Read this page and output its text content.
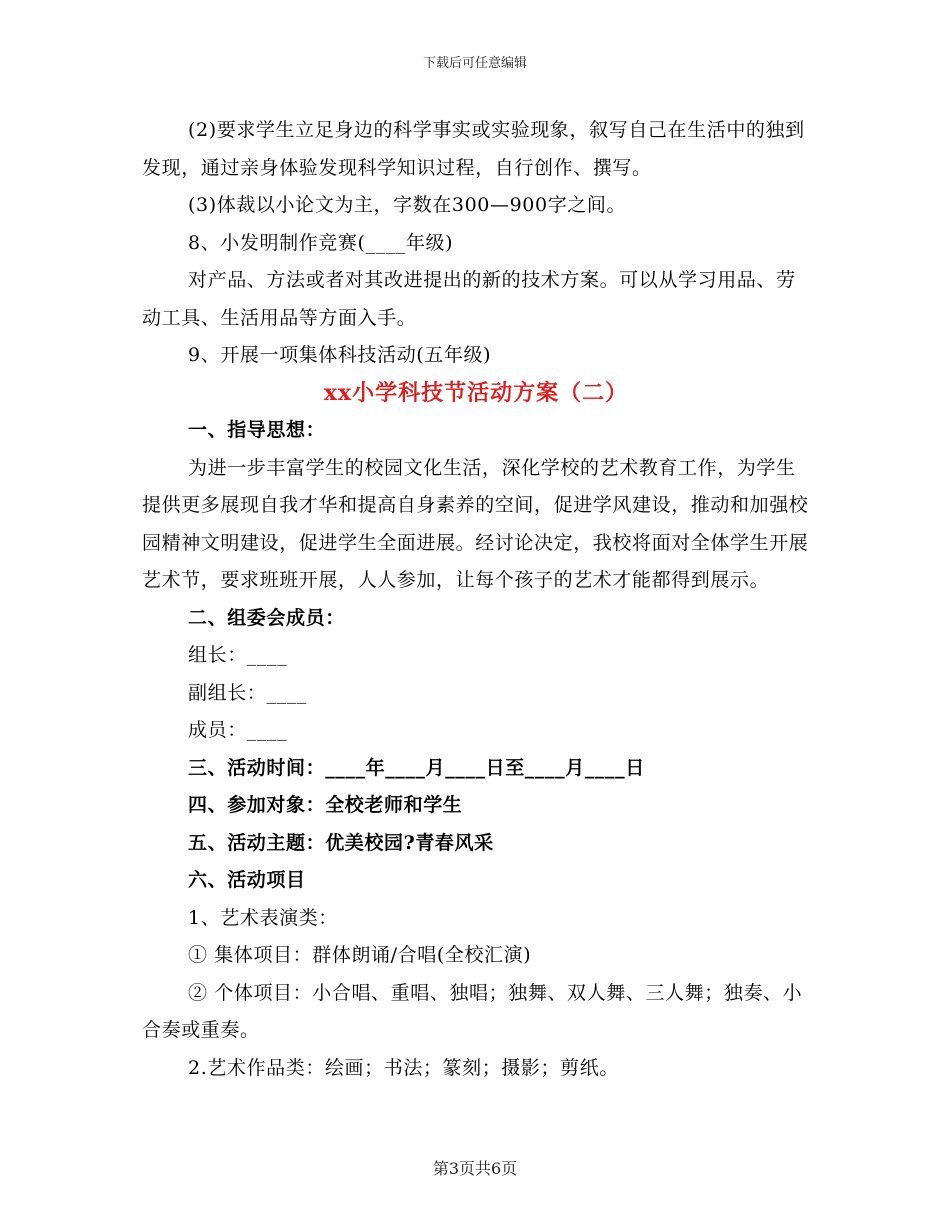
下载后可任意编辑

(2)要求学生立足身边的科学事实或实验现象，叙写自己在生活中的独到发现，通过亲身体验发现科学知识过程，自行创作、撰写。

(3)体裁以小论文为主，字数在300—900字之间。

8、小发明制作竞赛(____年级)

对产品、方法或者对其改进提出的新的技术方案。可以从学习用品、劳动工具、生活用品等方面入手。

9、开展一项集体科技活动(五年级)

xx小学科技节活动方案（二）

一、指导思想：

为进一步丰富学生的校园文化生活，深化学校的艺术教育工作，为学生提供更多展现自我才华和提高自身素养的空间，促进学风建设，推动和加强校园精神文明建设，促进学生全面进展。经讨论决定，我校将面对全体学生开展艺术节，要求班班开展，人人参加，让每个孩子的艺术才能都得到展示。

二、组委会成员：

组长：____

副组长：____

成员：____

三、活动时间：____年____月____日至____月____日

四、参加对象：全校老师和学生

五、活动主题：优美校园?青春风采

六、活动项目

1、艺术表演类：

① 集体项目：群体朗诵/合唱(全校汇演)

② 个体项目：小合唱、重唱、独唱；独舞、双人舞、三人舞；独奏、小合奏或重奏。

2.艺术作品类：绘画；书法；篆刻；摄影；剪纸。

第3页共6页
